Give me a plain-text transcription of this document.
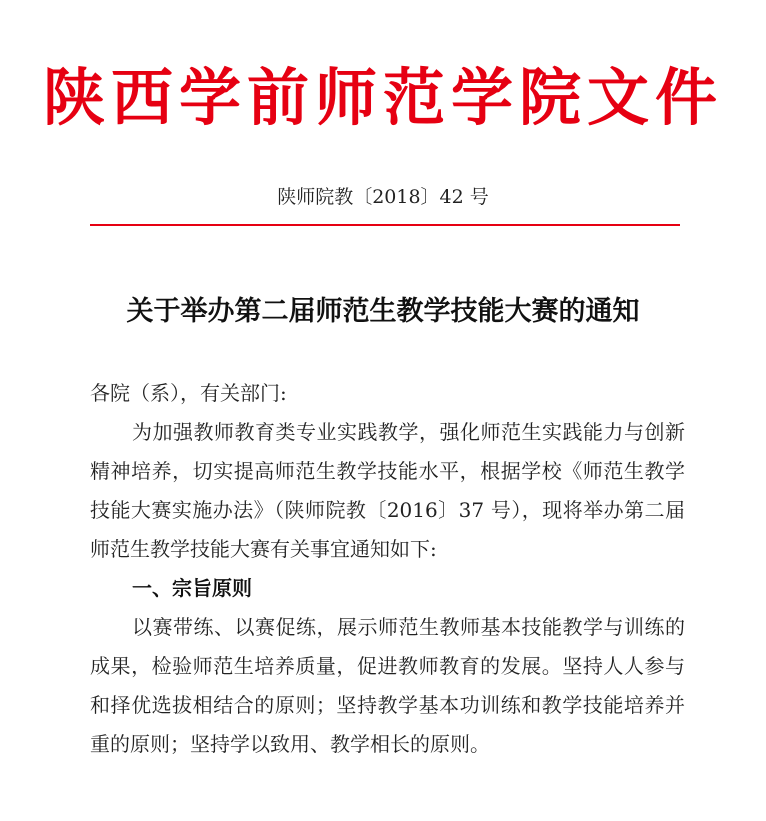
陕西学前师范学院文件
陕师院教〔2018〕42 号
关于举办第二届师范生教学技能大赛的通知
各院（系），有关部门:
为加强教师教育类专业实践教学，强化师范生实践能力与创新精神培养，切实提高师范生教学技能水平，根据学校《师范生教学技能大赛实施办法》（陕师院教〔2016〕37 号），现将举办第二届师范生教学技能大赛有关事宜通知如下:
一、宗旨原则
以赛带练、以赛促练，展示师范生教师基本技能教学与训练的成果，检验师范生培养质量，促进教师教育的发展。坚持人人参与和择优选拔相结合的原则；坚持教学基本功训练和教学技能培养并重的原则；坚持学以致用、教学相长的原则。
